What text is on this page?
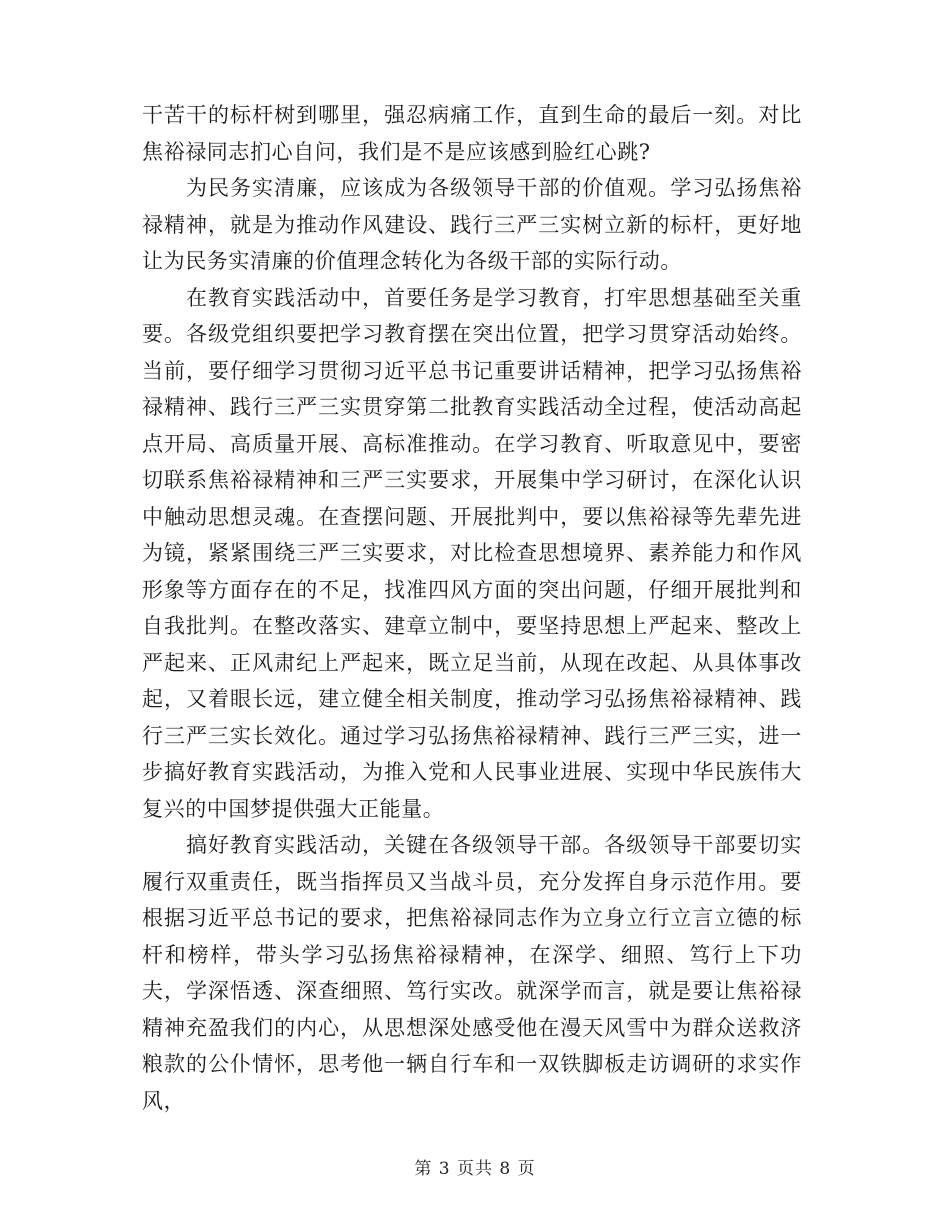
干苦干的标杆树到哪里，强忍病痛工作，直到生命的最后一刻。对比焦裕禄同志扪心自问，我们是不是应该感到脸红心跳?

为民务实清廉，应该成为各级领导干部的价值观。学习弘扬焦裕禄精神，就是为推动作风建设、践行三严三实树立新的标杆，更好地让为民务实清廉的价值理念转化为各级干部的实际行动。

在教育实践活动中，首要任务是学习教育，打牢思想基础至关重要。各级党组织要把学习教育摆在突出位置，把学习贯穿活动始终。当前，要仔细学习贯彻习近平总书记重要讲话精神，把学习弘扬焦裕禄精神、践行三严三实贯穿第二批教育实践活动全过程，使活动高起点开局、高质量开展、高标准推动。在学习教育、听取意见中，要密切联系焦裕禄精神和三严三实要求，开展集中学习研讨，在深化认识中触动思想灵魂。在查摆问题、开展批判中，要以焦裕禄等先辈先进为镜，紧紧围绕三严三实要求，对比检查思想境界、素养能力和作风形象等方面存在的不足，找准四风方面的突出问题，仔细开展批判和自我批判。在整改落实、建章立制中，要坚持思想上严起来、整改上严起来、正风肃纪上严起来，既立足当前，从现在改起、从具体事改起，又着眼长远，建立健全相关制度，推动学习弘扬焦裕禄精神、践行三严三实长效化。通过学习弘扬焦裕禄精神、践行三严三实，进一步搞好教育实践活动，为推入党和人民事业进展、实现中华民族伟大复兴的中国梦提供强大正能量。

搞好教育实践活动，关键在各级领导干部。各级领导干部要切实履行双重责任，既当指挥员又当战斗员，充分发挥自身示范作用。要根据习近平总书记的要求，把焦裕禄同志作为立身立行立言立德的标杆和榜样，带头学习弘扬焦裕禄精神，在深学、细照、笃行上下功夫，学深悟透、深查细照、笃行实改。就深学而言，就是要让焦裕禄精神充盈我们的内心，从思想深处感受他在漫天风雪中为群众送救济粮款的公仆情怀，思考他一辆自行车和一双铁脚板走访调研的求实作风，

第 3 页共 8 页
